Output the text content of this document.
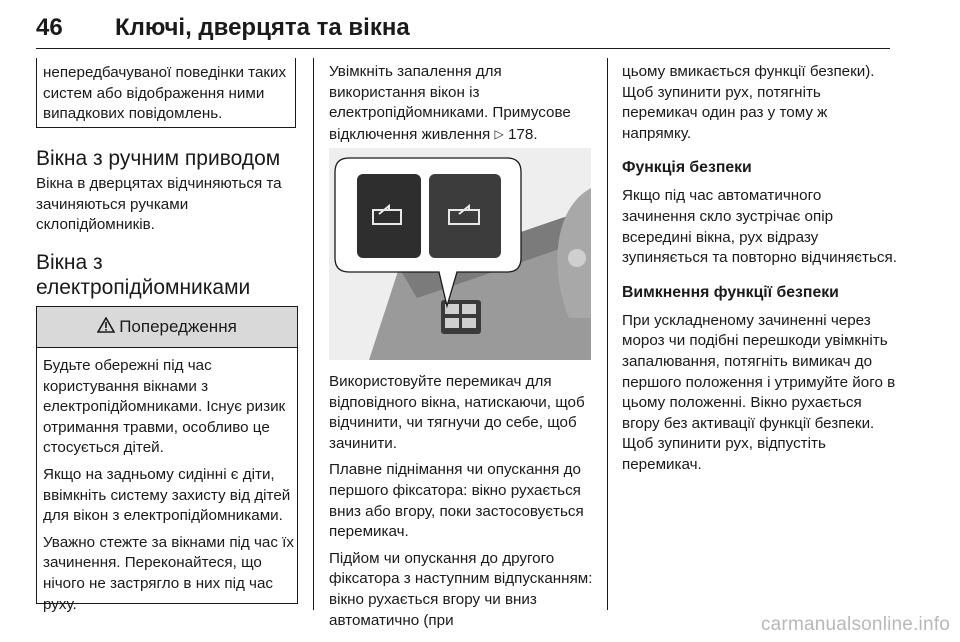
46 Ключі, дверцята та вікна

непередбачуваної поведінки таких систем або відображення ними випадкових повідомлень.

Вікна з ручним приводом

Вікна в дверцятах відчиняються та зачиняються ручками склопідйомників.

Вікна з електропідйомниками
Попередження

Будьте обережні під час користування вікнами з електропідйомниками. Існує ризик отримання травми, особливо це стосується дітей.

Якщо на задньому сидінні є діти, ввімкніть систему захисту від дітей для вікон з електропідйомниками.

Уважно стежте за вікнами під час їх зачинення. Переконайтеся, що нічого не застрягло в них під час руху.

Увімкніть запалення для використання вікон із електропідйомниками. Примусове відключення живлення ▷ 178.

Використовуйте перемикач для відповідного вікна, натискаючи, щоб відчинити, чи тягнучи до себе, щоб зачинити.

Плавне піднімання чи опускання до першого фіксатора: вікно рухається вниз або вгору, поки застосовується перемикач.

Підйом чи опускання до другого фіксатора з наступним відпусканням: вікно рухається вгору чи вниз автоматично (при

цьому вмикається функції безпеки). Щоб зупинити рух, потягніть перемикач один раз у тому ж напрямку.

Функція безпеки

Якщо під час автоматичного зачинення скло зустрічає опір всередині вікна, рух відразу зупиняється та повторно відчиняється.

Вимкнення функції безпеки

При ускладненому зачиненні через мороз чи подібні перешкоди увімкніть запалювання, потягніть вимикач до першого положення і утримуйте його в цьому положенні. Вікно рухається вгору без активації функції безпеки. Щоб зупинити рух, відпустіть перемикач.

carmanualsonline.info
